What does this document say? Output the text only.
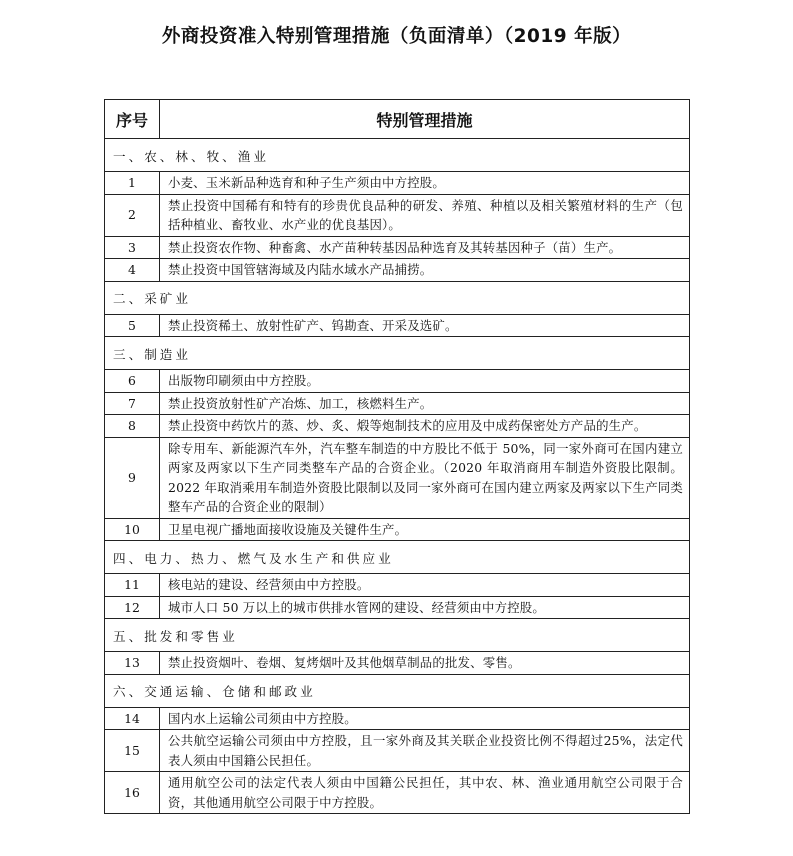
外商投资准入特别管理措施（负面清单）（2019 年版）
序号	特别管理措施
一、农、林、牧、渔业	
1	小麦、玉米新品种选育和种子生产须由中方控股。
2	禁止投资中国稀有和特有的珍贵优良品种的研发、养殖、种植以及相关繁殖材料的生产（包括种植业、畜牧业、水产业的优良基因）。
3	禁止投资农作物、种畜禽、水产苗种转基因品种选育及其转基因种子（苗）生产。
4	禁止投资中国管辖海域及内陆水域水产品捕捞。
二、采矿业	
5	禁止投资稀土、放射性矿产、钨勘查、开采及选矿。
三、制造业	
6	出版物印刷须由中方控股。
7	禁止投资放射性矿产冶炼、加工，核燃料生产。
8	禁止投资中药饮片的蒸、炒、炙、煅等炮制技术的应用及中成药保密处方产品的生产。
9	除专用车、新能源汽车外，汽车整车制造的中方股比不低于 50%，同一家外商可在国内建立两家及两家以下生产同类整车产品的合资企业。（2020 年取消商用车制造外资股比限制。2022 年取消乘用车制造外资股比限制以及同一家外商可在国内建立两家及两家以下生产同类整车产品的合资企业的限制）
10	卫星电视广播地面接收设施及关键件生产。
四、电力、热力、燃气及水生产和供应业	
11	核电站的建设、经营须由中方控股。
12	城市人口 50 万以上的城市供排水管网的建设、经营须由中方控股。
五、批发和零售业	
13	禁止投资烟叶、卷烟、复烤烟叶及其他烟草制品的批发、零售。
六、交通运输、仓储和邮政业	
14	国内水上运输公司须由中方控股。
15	公共航空运输公司须由中方控股，且一家外商及其关联企业投资比例不得超过25%，法定代表人须由中国籍公民担任。
16	通用航空公司的法定代表人须由中国籍公民担任，其中农、林、渔业通用航空公司限于合资，其他通用航空公司限于中方控股。
